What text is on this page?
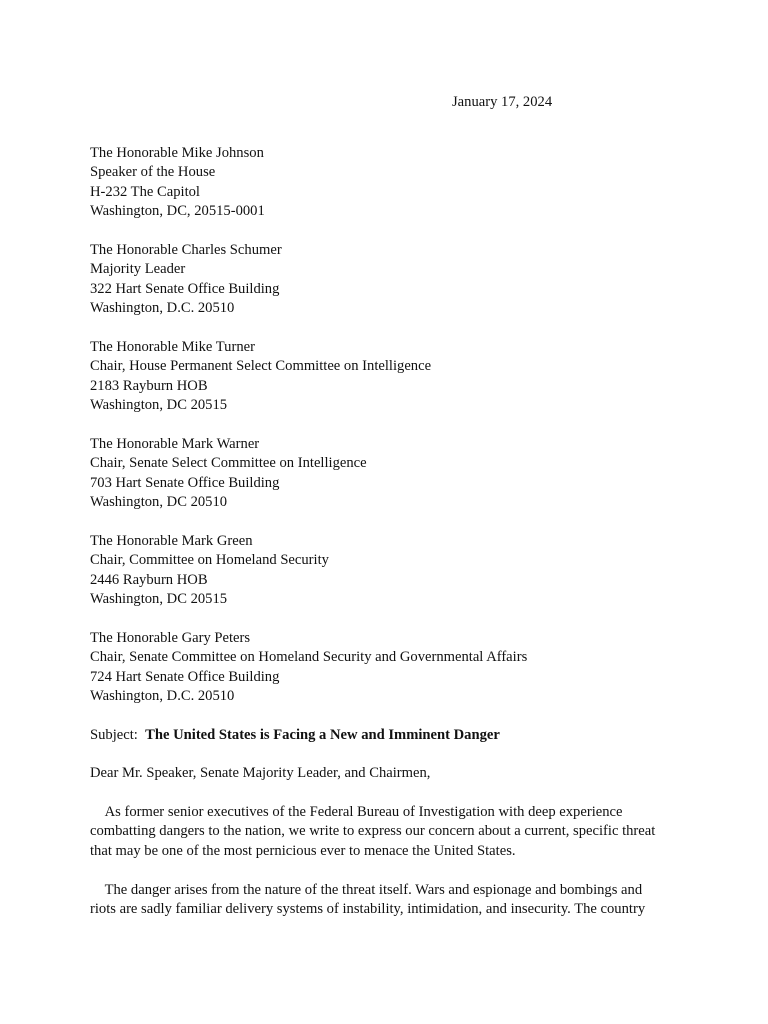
January 17, 2024
The Honorable Mike Johnson
Speaker of the House
H-232 The Capitol
Washington, DC, 20515-0001
The Honorable Charles Schumer
Majority Leader
322 Hart Senate Office Building
Washington, D.C. 20510
The Honorable Mike Turner
Chair, House Permanent Select Committee on Intelligence
2183 Rayburn HOB
Washington, DC 20515
The Honorable Mark Warner
Chair, Senate Select Committee on Intelligence
703 Hart Senate Office Building
Washington, DC 20510
The Honorable Mark Green
Chair, Committee on Homeland Security
2446 Rayburn HOB
Washington, DC 20515
The Honorable Gary Peters
Chair, Senate Committee on Homeland Security and Governmental Affairs
724 Hart Senate Office Building
Washington, D.C. 20510
Subject: The United States is Facing a New and Imminent Danger
Dear Mr. Speaker, Senate Majority Leader, and Chairmen,
As former senior executives of the Federal Bureau of Investigation with deep experience
combatting dangers to the nation, we write to express our concern about a current, specific threat
that may be one of the most pernicious ever to menace the United States.
The danger arises from the nature of the threat itself. Wars and espionage and bombings and
riots are sadly familiar delivery systems of instability, intimidation, and insecurity. The country
